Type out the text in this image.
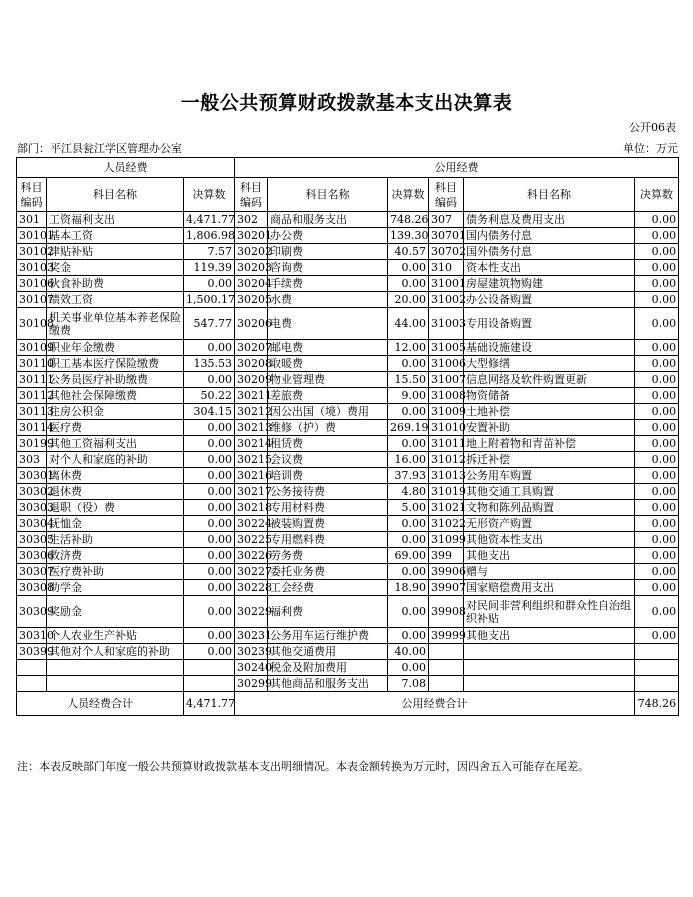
一般公共预算财政拨款基本支出决算表
公开06表
部门：平江县瓮江学区管理办公室	单位：万元
人员经费			公用经费					
科目编码	科目名称	决算数	科目编码	科目名称	决算数	科目编码	科目名称	决算数
301	工资福利支出	4,471.77	302	商品和服务支出	748.26	307	债务利息及费用支出	0.00
30101	基本工资	1,806.98	30201	办公费	139.30	30701	国内债务付息	0.00
30102	津贴补贴	7.57	30202	印刷费	40.57	30702	国外债务付息	0.00
30103	奖金	119.39	30203	咨询费	0.00	310	资本性支出	0.00
30106	伙食补助费	0.00	30204	手续费	0.00	31001	房屋建筑物购建	0.00
30107	绩效工资	1,500.17	30205	水费	20.00	31002	办公设备购置	0.00
30108	机关事业单位基本养老保险缴费	547.77	30206	电费	44.00	31003	专用设备购置	0.00
30109	职业年金缴费	0.00	30207	邮电费	12.00	31005	基础设施建设	0.00
30110	职工基本医疗保险缴费	135.53	30208	取暖费	0.00	31006	大型修缮	0.00
30111	公务员医疗补助缴费	0.00	30209	物业管理费	15.50	31007	信息网络及软件购置更新	0.00
30112	其他社会保障缴费	50.22	30211	差旅费	9.00	31008	物资储备	0.00
30113	住房公积金	304.15	30212	因公出国（境）费用	0.00	31009	土地补偿	0.00
30114	医疗费	0.00	30213	维修（护）费	269.19	31010	安置补助	0.00
30199	其他工资福利支出	0.00	30214	租赁费	0.00	31011	地上附着物和青苗补偿	0.00
303	对个人和家庭的补助	0.00	30215	会议费	16.00	31012	拆迁补偿	0.00
30301	离休费	0.00	30216	培训费	37.93	31013	公务用车购置	0.00
30302	退休费	0.00	30217	公务接待费	4.80	31019	其他交通工具购置	0.00
30303	退职（役）费	0.00	30218	专用材料费	5.00	31021	文物和陈列品购置	0.00
30304	抚恤金	0.00	30224	被装购置费	0.00	31022	无形资产购置	0.00
30305	生活补助	0.00	30225	专用燃料费	0.00	31099	其他资本性支出	0.00
30306	救济费	0.00	30226	劳务费	69.00	399	其他支出	0.00
30307	医疗费补助	0.00	30227	委托业务费	0.00	39906	赠与	0.00
30308	助学金	0.00	30228	工会经费	18.90	39907	国家赔偿费用支出	0.00
30309	奖励金	0.00	30229	福利费	0.00	39908	对民间非营利组织和群众性自治组织补贴	0.00
30310	个人农业生产补贴	0.00	30231	公务用车运行维护费	0.00	39999	其他支出	0.00
30399	其他对个人和家庭的补助	0.00	30239	其他交通费用	40.00			
			30240	税金及附加费用	0.00			
			30299	其他商品和服务支出	7.08			
人员经费合计		4,471.77	公用经费合计					748.26
注：本表反映部门年度一般公共预算财政拨款基本支出明细情况。本表金额转换为万元时，因四舍五入可能存在尾差。
